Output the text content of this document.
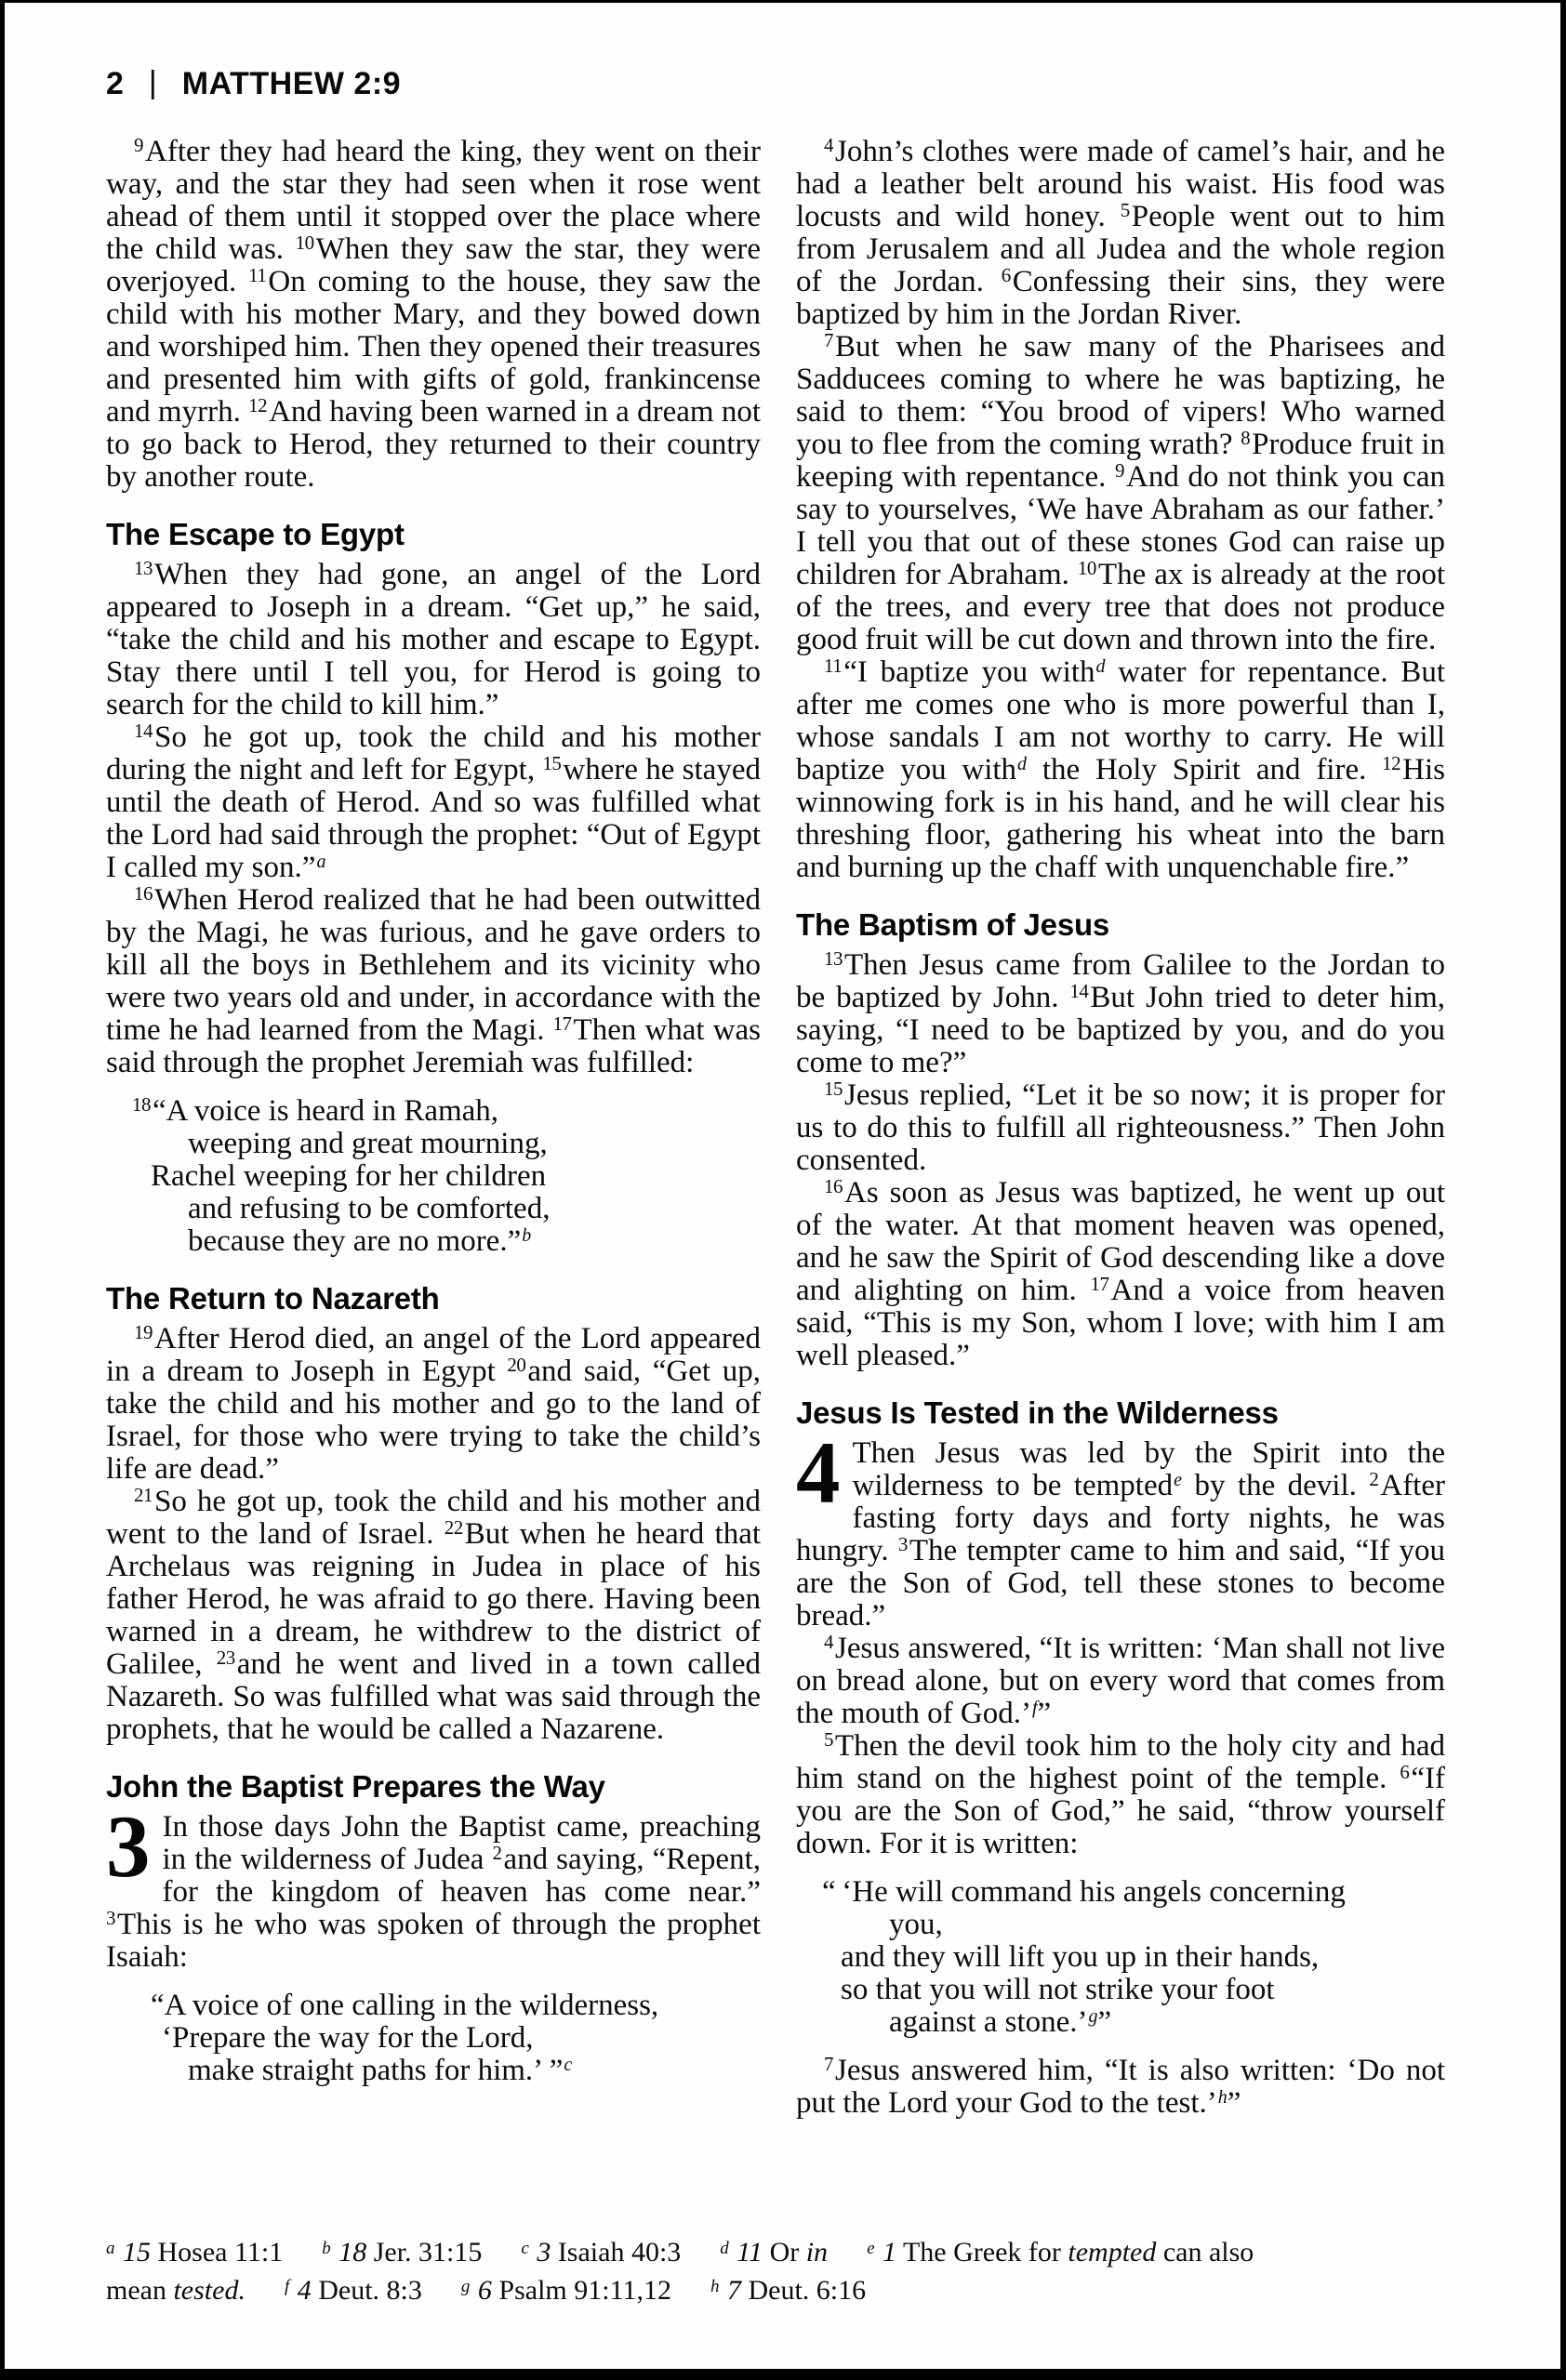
2 | MATTHEW 2:9

$^9$After they had heard the king, they went on their way, and the star they had seen when it rose went ahead of them until it stopped over the place where the child was. $^{10}$When they saw the star, they were overjoyed. $^{11}$On coming to the house, they saw the child with his mother Mary, and they bowed down and worshiped him. Then they opened their treasures and presented him with gifts of gold, frankincense and myrrh. $^{12}$And having been warned in a dream not to go back to Herod, they returned to their country by another route.

The Escape to Egypt

$^{13}$When they had gone, an angel of the Lord appeared to Joseph in a dream. “Get up,” he said, “take the child and his mother and escape to Egypt. Stay there until I tell you, for Herod is going to search for the child to kill him.”

$^{14}$So he got up, took the child and his mother during the night and left for Egypt, $^{15}$where he stayed until the death of Herod. And so was fulfilled what the Lord had said through the prophet: “Out of Egypt I called my son.”$^a$

$^{16}$When Herod realized that he had been outwitted by the Magi, he was furious, and he gave orders to kill all the boys in Bethlehem and its vicinity who were two years old and under, in accordance with the time he had learned from the Magi. $^{17}$Then what was said through the prophet Jeremiah was fulfilled:

$^{18}$“A voice is heard in Ramah,
weeping and great mourning,
Rachel weeping for her children
and refusing to be comforted,
because they are no more.”$^b$
The Return to Nazareth

$^{19}$After Herod died, an angel of the Lord appeared in a dream to Joseph in Egypt $^{20}$and said, “Get up, take the child and his mother and go to the land of Israel, for those who were trying to take the child’s life are dead.”

$^{21}$So he got up, took the child and his mother and went to the land of Israel. $^{22}$But when he heard that Archelaus was reigning in Judea in place of his father Herod, he was afraid to go there. Having been warned in a dream, he withdrew to the district of Galilee, $^{23}$and he went and lived in a town called Nazareth. So was fulfilled what was said through the prophets, that he would be called a Nazarene.

John the Baptist Prepares the Way

3 In those days John the Baptist came, preaching in the wilderness of Judea $^2$and saying, “Repent, for the kingdom of heaven has come near.” $^3$This is he who was spoken of through the prophet Isaiah:

“A voice of one calling in the wilderness,
‘Prepare the way for the Lord,
make straight paths for him.’ ”$^c$

$^4$John’s clothes were made of camel’s hair, and he had a leather belt around his waist. His food was locusts and wild honey. $^5$People went out to him from Jerusalem and all Judea and the whole region of the Jordan. $^6$Confessing their sins, they were baptized by him in the Jordan River.

$^7$But when he saw many of the Pharisees and Sadducees coming to where he was baptizing, he said to them: “You brood of vipers! Who warned you to flee from the coming wrath? $^8$Produce fruit in keeping with repentance. $^9$And do not think you can say to yourselves, ‘We have Abraham as our father.’ I tell you that out of these stones God can raise up children for Abraham. $^{10}$The ax is already at the root of the trees, and every tree that does not produce good fruit will be cut down and thrown into the fire.

$^{11}$“I baptize you with$^d$ water for repentance. But after me comes one who is more powerful than I, whose sandals I am not worthy to carry. He will baptize you with$^d$ the Holy Spirit and fire. $^{12}$His winnowing fork is in his hand, and he will clear his threshing floor, gathering his wheat into the barn and burning up the chaff with unquenchable fire.”

The Baptism of Jesus

$^{13}$Then Jesus came from Galilee to the Jordan to be baptized by John. $^{14}$But John tried to deter him, saying, “I need to be baptized by you, and do you come to me?”

$^{15}$Jesus replied, “Let it be so now; it is proper for us to do this to fulfill all righteousness.” Then John consented.

$^{16}$As soon as Jesus was baptized, he went up out of the water. At that moment heaven was opened, and he saw the Spirit of God descending like a dove and alighting on him. $^{17}$And a voice from heaven said, “This is my Son, whom I love; with him I am well pleased.”

Jesus Is Tested in the Wilderness

4 Then Jesus was led by the Spirit into the wilderness to be tempted$^e$ by the devil. $^2$After fasting forty days and forty nights, he was hungry. $^3$The tempter came to him and said, “If you are the Son of God, tell these stones to become bread.”

$^4$Jesus answered, “It is written: ‘Man shall not live on bread alone, but on every word that comes from the mouth of God.’$^f$”

$^5$Then the devil took him to the holy city and had him stand on the highest point of the temple. $^6$“If you are the Son of God,” he said, “throw yourself down. For it is written:

“ ‘He will command his angels concerning
you,
and they will lift you up in their hands,
so that you will not strike your foot
against a stone.’$^g$”

$^7$Jesus answered him, “It is also written: ‘Do not put the Lord your God to the test.’$^h$”

$^a$ 15 Hosea 11:1 $^b$ 18 Jer. 31:15 $^c$ 3 Isaiah 40:3 $^d$ 11 Or in $^e$ 1 The Greek for tempted can also
mean tested. $^f$ 4 Deut. 8:3 $^g$ 6 Psalm 91:11,12 $^h$ 7 Deut. 6:16
